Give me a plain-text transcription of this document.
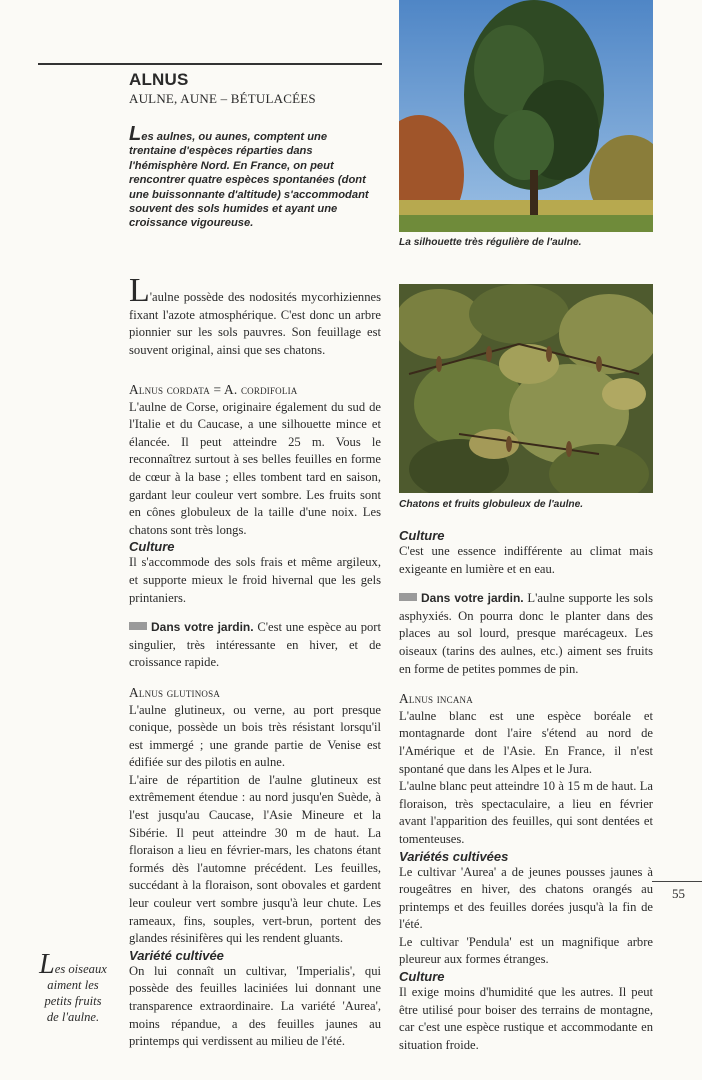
ALNUS
AULNE, AUNE – BÉTULACÉES
Les aulnes, ou aunes, comptent une trentaine d'espèces réparties dans l'hémisphère Nord. En France, on peut rencontrer quatre espèces spontanées (dont une buissonnante d'altitude) s'accommodant souvent des sols humides et ayant une croissance vigoureuse.
L'aulne possède des nodosités mycorhiziennes fixant l'azote atmosphérique. C'est donc un arbre pionnier sur les sols pauvres. Son feuillage est souvent original, ainsi que ses chatons.
Alnus cordata = A. cordifolia

L'aulne de Corse, originaire également du sud de l'Italie et du Caucase, a une silhouette mince et élancée. Il peut atteindre 25 m. Vous le reconnaîtrez surtout à ses belles feuilles en forme de cœur à la base ; elles tombent tard en saison, gardant leur couleur vert sombre. Les fruits sont en cônes globuleux de la taille d'une noix. Les chatons sont très longs.

Culture

Il s'accommode des sols frais et même argileux, et supporte mieux le froid hivernal que les gels printaniers.

Dans votre jardin. C'est une espèce au port singulier, très intéressante en hiver, et de croissance rapide.

Alnus glutinosa

L'aulne glutineux, ou verne, au port presque conique, possède un bois très résistant lorsqu'il est immergé ; une grande partie de Venise est édifiée sur des pilotis en aulne.

L'aire de répartition de l'aulne glutineux est extrêmement étendue : au nord jusqu'en Suède, à l'est jusqu'au Caucase, l'Asie Mineure et la Sibérie. Il peut atteindre 30 m de haut. La floraison a lieu en février-mars, les chatons étant formés dès l'automne précédent. Les feuilles, succédant à la floraison, sont obovales et gardent leur couleur vert sombre jusqu'à leur chute. Les rameaux, fins, souples, vert-brun, portent des glandes résinifères qui les rendent gluants.

Variété cultivée

On lui connaît un cultivar, 'Imperialis', qui possède des feuilles laciniées lui donnant une transparence extraordinaire. La variété 'Aurea', moins répandue, a des feuilles jaunes au printemps qui verdissent au milieu de l'été.

La silhouette très régulière de l'aulne.
Chatons et fruits globuleux de l'aulne.
Culture

C'est une essence indifférente au climat mais exigeante en lumière et en eau.

Dans votre jardin. L'aulne supporte les sols asphyxiés. On pourra donc le planter dans des places au sol lourd, presque marécageux. Les oiseaux (tarins des aulnes, etc.) aiment ses fruits en forme de petites pommes de pin.

Alnus incana

L'aulne blanc est une espèce boréale et montagnarde dont l'aire s'étend au nord de l'Amérique et de l'Asie. En France, il n'est spontané que dans les Alpes et le Jura.

L'aulne blanc peut atteindre 10 à 15 m de haut. La floraison, très spectaculaire, a lieu en février avant l'apparition des feuilles, qui sont dentées et tomenteuses.

Variétés cultivées

Le cultivar 'Aurea' a de jeunes pousses jaunes à rougeâtres en hiver, des chatons orangés au printemps et des feuilles dorées jusqu'à la fin de l'été.

Le cultivar 'Pendula' est un magnifique arbre pleureur aux formes étranges.

Culture

Il exige moins d'humidité que les autres. Il peut être utilisé pour boiser des terrains de montagne, car c'est une espèce rustique et accommodante en situation froide.

55
Les oiseaux aiment les petits fruits de l'aulne.
